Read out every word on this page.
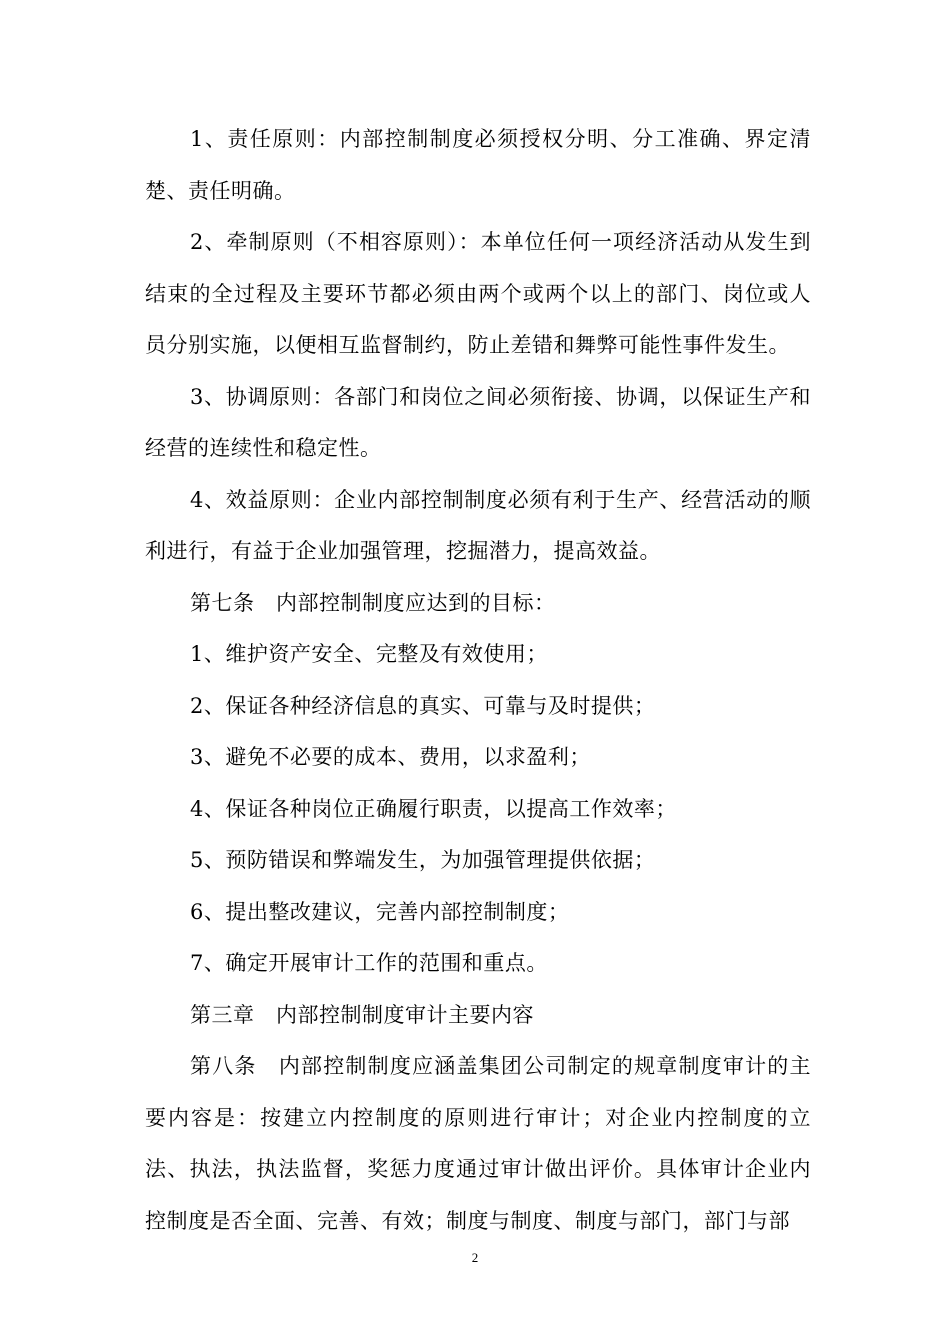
1、责任原则：内部控制制度必须授权分明、分工准确、界定清楚、责任明确。

2、牵制原则（不相容原则）：本单位任何一项经济活动从发生到结束的全过程及主要环节都必须由两个或两个以上的部门、岗位或人员分别实施，以便相互监督制约，防止差错和舞弊可能性事件发生。

3、协调原则：各部门和岗位之间必须衔接、协调，以保证生产和经营的连续性和稳定性。

4、效益原则：企业内部控制制度必须有利于生产、经营活动的顺利进行，有益于企业加强管理，挖掘潜力，提高效益。

第七条　内部控制制度应达到的目标：

1、维护资产安全、完整及有效使用；

2、保证各种经济信息的真实、可靠与及时提供；

3、避免不必要的成本、费用，以求盈利；

4、保证各种岗位正确履行职责，以提高工作效率；

5、预防错误和弊端发生，为加强管理提供依据；

6、提出整改建议，完善内部控制制度；

7、确定开展审计工作的范围和重点。

第三章　内部控制制度审计主要内容

第八条　内部控制制度应涵盖集团公司制定的规章制度审计的主要内容是：按建立内控制度的原则进行审计；对企业内控制度的立法、执法，执法监督，奖惩力度通过审计做出评价。具体审计企业内控制度是否全面、完善、有效；制度与制度、制度与部门，部门与部

2
